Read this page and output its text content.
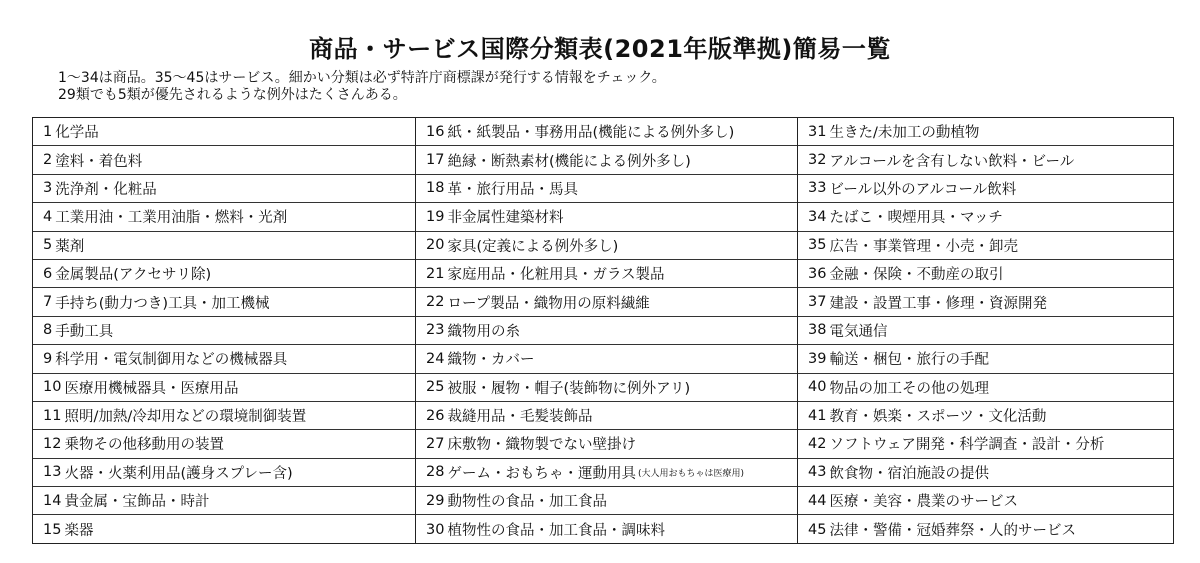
商品・サービス国際分類表(2021年版準拠)簡易一覧
1～34は商品。35～45はサービス。細かい分類は必ず特許庁商標課が発行する情報をチェック。
29類でも5類が優先されるような例外はたくさんある。
1 化学品
2 塗料・着色料
3 洗浄剤・化粧品
4 工業用油・工業用油脂・燃料・光剤
5 薬剤
6 金属製品(アクセサリ除)
7 手持ち(動力つき)工具・加工機械
8 手動工具
9 科学用・電気制御用などの機械器具
10 医療用機械器具・医療用品
11 照明/加熱/冷却用などの環境制御装置
12 乗物その他移動用の装置
13 火器・火薬利用品(護身スプレー含)
14 貴金属・宝飾品・時計
15 楽器
16 紙・紙製品・事務用品(機能による例外多し)
17 絶縁・断熱素材(機能による例外多し)
18 革・旅行用品・馬具
19 非金属性建築材料
20 家具(定義による例外多し)
21 家庭用品・化粧用具・ガラス製品
22 ロープ製品・織物用の原料繊維
23 織物用の糸
24 織物・カバー
25 被服・履物・帽子(装飾物に例外アリ)
26 裁縫用品・毛髪装飾品
27 床敷物・織物製でない壁掛け
28 ゲーム・おもちゃ・運動用具 (大人用おもちゃは医療用)
29 動物性の食品・加工食品
30 植物性の食品・加工食品・調味料
31 生きた/未加工の動植物
32 アルコールを含有しない飲料・ビール
33 ビール以外のアルコール飲料
34 たばこ・喫煙用具・マッチ
35 広告・事業管理・小売・卸売
36 金融・保険・不動産の取引
37 建設・設置工事・修理・資源開発
38 電気通信
39 輸送・梱包・旅行の手配
40 物品の加工その他の処理
41 教育・娯楽・スポーツ・文化活動
42 ソフトウェア開発・科学調査・設計・分析
43 飲食物・宿泊施設の提供
44 医療・美容・農業のサービス
45 法律・警備・冠婚葬祭・人的サービス
